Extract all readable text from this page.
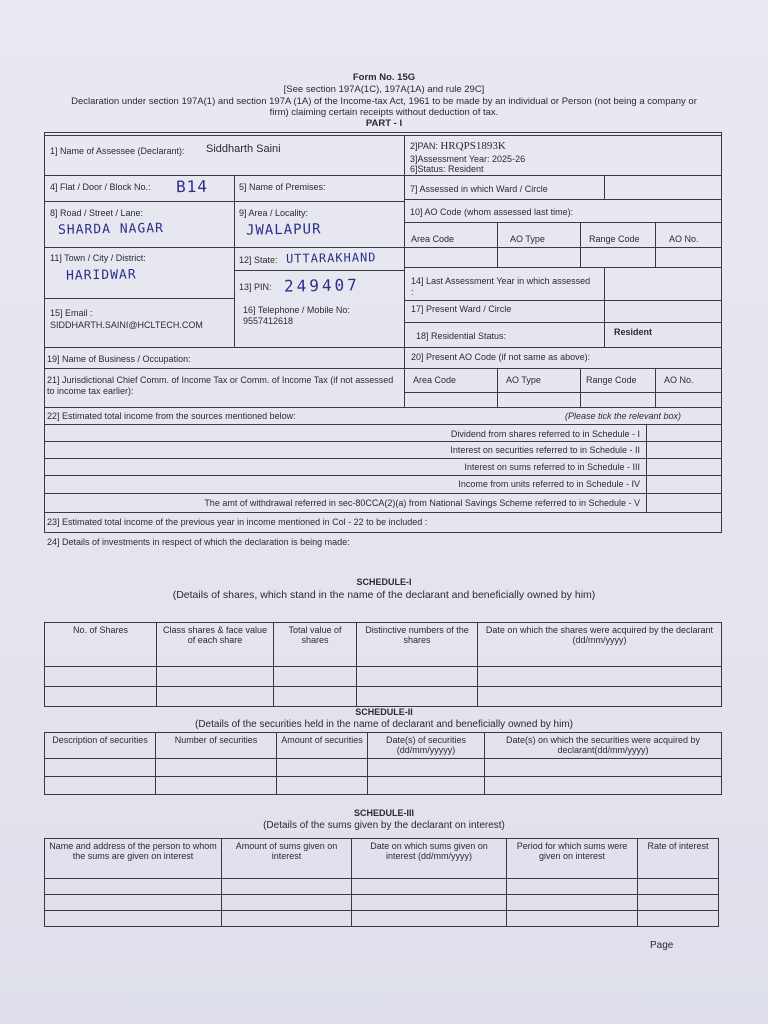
Form No. 15G
[See section 197A(1C), 197A(1A) and rule 29C]
Declaration under section 197A(1) and section 197A (1A) of the Income-tax Act, 1961 to be made by an individual or Person (not being a company or
firm) claiming certain receipts without deduction of tax.
PART - I
1] Name of Assessee (Declarant): Siddharth Saini	2]PAN: HRQPS1893K
3]Assessment Year: 2025-26
6]Status: Resident
4] Flat / Door / Block No.: B14	5] Name of Premises:	7] Assessed in which Ward / Circle
8] Road / Street / Lane:
SHARDA NAGAR
9] Area / Locality:
JWALAPUR
10] AO Code (whom assessed last time):
Area Code	AO Type	Range Code	AO No.
11] Town / City / District:
HARIDWAR
12] State: UTTARAKHAND
13] PIN: 249407	14] Last Assessment Year in which assessed :
15] Email :
SIDDHARTH.SAINI@HCLTECH.COM
16] Telephone / Mobile No:
9557412618
17] Present Ward / Circle
18] Residential Status:	Resident
19] Name of Business / Occupation:	20] Present AO Code (if not same as above):
21] Jurisdictional Chief Comm. of Income Tax or Comm. of Income Tax (if not assessed to income tax earlier):
Area Code	AO Type	Range Code	AO No.
22] Estimated total income from the sources mentioned below:	(Please tick the relevant box)
Dividend from shares referred to in Schedule - I
Interest on securities referred to in Schedule - II
Interest on sums referred to in Schedule - III
Income from units referred to in Schedule - IV
The amt of withdrawal referred in sec-80CCA(2)(a) from National Savings Scheme referred to in Schedule - V
23] Estimated total income of the previous year in income mentioned in Col - 22 to be included :
24] Details of investments in respect of which the declaration is being made:
SCHEDULE-I
(Details of shares, which stand in the name of the declarant and beneficially owned by him)
No. of Shares	Class shares & face value of each share	Total value of shares	Distinctive numbers of the shares	Date on which the shares were acquired by the declarant (dd/mm/yyyy)

SCHEDULE-II
(Details of the securities held in the name of declarant and beneficially owned by him)
Description of securities	Number of securities	Amount of securities	Date(s) of securities (dd/mm/yyyyy)	Date(s) on which the securities were acquired by declarant(dd/mm/yyyy)

SCHEDULE-III
(Details of the sums given by the declarant on interest)
Name and address of the person to whom the sums are given on interest	Amount of sums given on interest	Date on which sums given on interest (dd/mm/yyyy)	Period for which sums were given on interest	Rate of interest

Page
